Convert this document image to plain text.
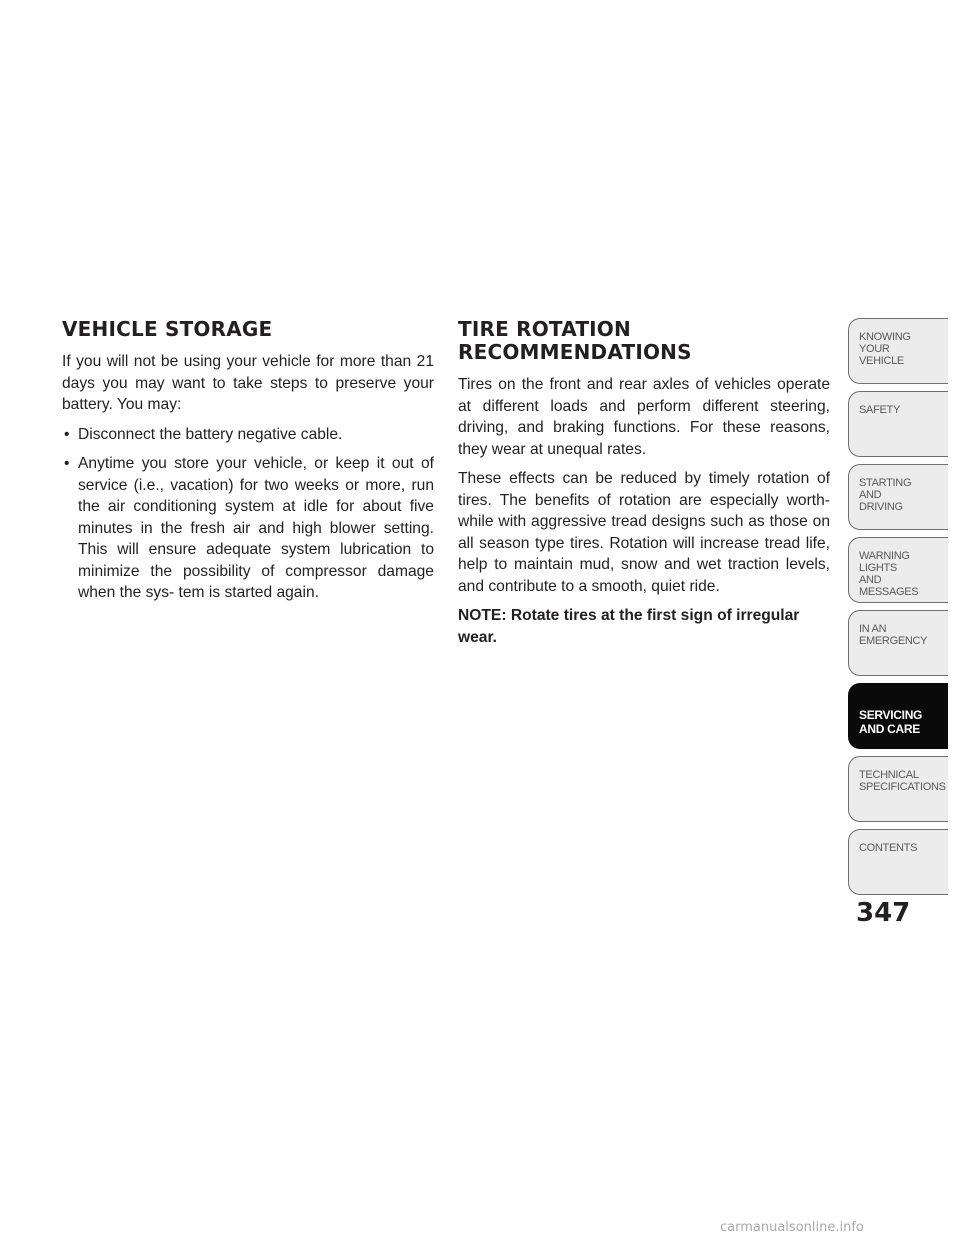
VEHICLE STORAGE

If you will not be using your vehicle for more than 21 days you may want to take steps to preserve your battery. You may:

• Disconnect the battery negative cable.
• Anytime you store your vehicle, or keep it out of service (i.e., vacation) for two weeks or more, run the air conditioning system at idle for about five minutes in the fresh air and high blower setting. This will ensure adequate system lubrication to minimize the possibility of compressor damage when the sys- tem is started again.
TIRE ROTATION RECOMMENDATIONS

Tires on the front and rear axles of vehicles operate at different loads and perform different steering, driving, and braking functions. For these reasons, they wear at unequal rates.

These effects can be reduced by timely rotation of tires. The benefits of rotation are especially worth- while with aggressive tread designs such as those on all season type tires. Rotation will increase tread life, help to maintain mud, snow and wet traction levels, and contribute to a smooth, quiet ride.

NOTE: Rotate tires at the first sign of irregular wear.

KNOWING
YOUR
VEHICLE
SAFETY
STARTING
AND
DRIVING
WARNING
LIGHTS
AND
MESSAGES
IN AN
EMERGENCY
SERVICING
AND CARE
TECHNICAL
SPECIFICATIONS
CONTENTS
347
carmanualsonline.info
